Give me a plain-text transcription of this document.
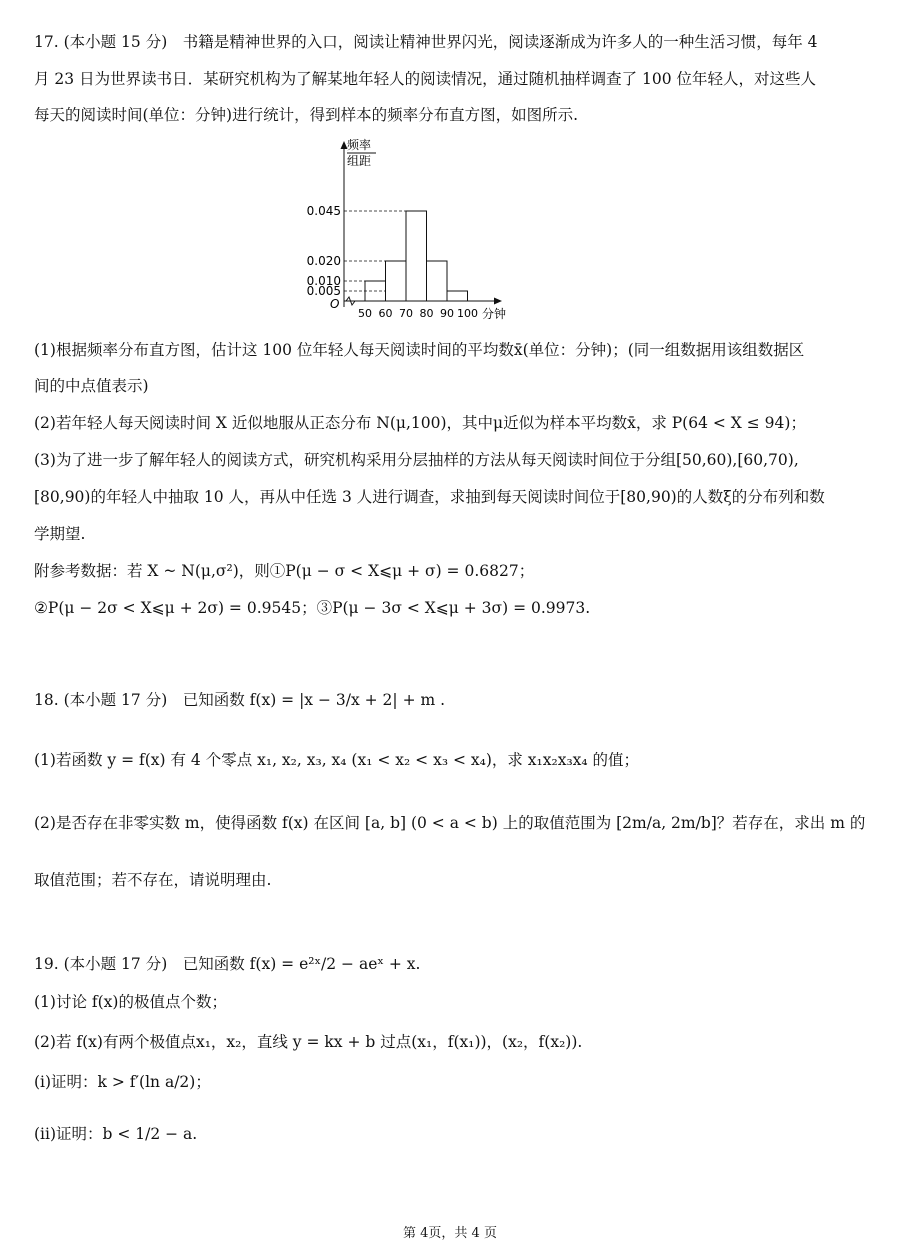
17. (本小题 15 分)　书籍是精神世界的入口，阅读让精神世界闪光，阅读逐渐成为许多人的一种生活习惯，每年 4
月 23 日为世界读书日．某研究机构为了解某地年轻人的阅读情况，通过随机抽样调查了 100 位年轻人，对这些人
每天的阅读时间(单位：分钟)进行统计，得到样本的频率分布直方图，如图所示.
频率
组距
分钟
O
0.005
0.010
0.020
0.045
50 60 70 80 90 100
(1)根据频率分布直方图，估计这 100 位年轻人每天阅读时间的平均数x̄(单位：分钟)；(同一组数据用该组数据区
间的中点值表示)
(2)若年轻人每天阅读时间 X 近似地服从正态分布 N(μ,100)，其中μ近似为样本平均数x̄，求 P(64 < X ≤ 94)；
(3)为了进一步了解年轻人的阅读方式，研究机构采用分层抽样的方法从每天阅读时间位于分组[50,60),[60,70),
[80,90)的年轻人中抽取 10 人，再从中任选 3 人进行调查，求抽到每天阅读时间位于[80,90)的人数ξ的分布列和数
学期望.
附参考数据：若 X ~ N(μ,σ²)，则①P(μ − σ < X⩽μ + σ) = 0.6827；
②P(μ − 2σ < X⩽μ + 2σ) = 0.9545；③P(μ − 3σ < X⩽μ + 3σ) = 0.9973.
18. (本小题 17 分)　已知函数 f(x) = |x − 3/x + 2| + m .
(1)若函数 y = f(x) 有 4 个零点 x₁, x₂, x₃, x₄ (x₁ < x₂ < x₃ < x₄)，求 x₁x₂x₃x₄ 的值；
(2)是否存在非零实数 m，使得函数 f(x) 在区间 [a, b] (0 < a < b) 上的取值范围为 [2m/a, 2m/b]？若存在，求出 m 的
取值范围；若不存在，请说明理由.
19. (本小题 17 分)　已知函数 f(x) = e²ˣ/2 − aeˣ + x.
(1)讨论 f(x)的极值点个数；
(2)若 f(x)有两个极值点x₁，x₂，直线 y = kx + b 过点(x₁，f(x₁))，(x₂，f(x₂)).
(i)证明：k > f′(ln a/2)；
(ii)证明：b < 1/2 − a.
第 4页，共 4 页
